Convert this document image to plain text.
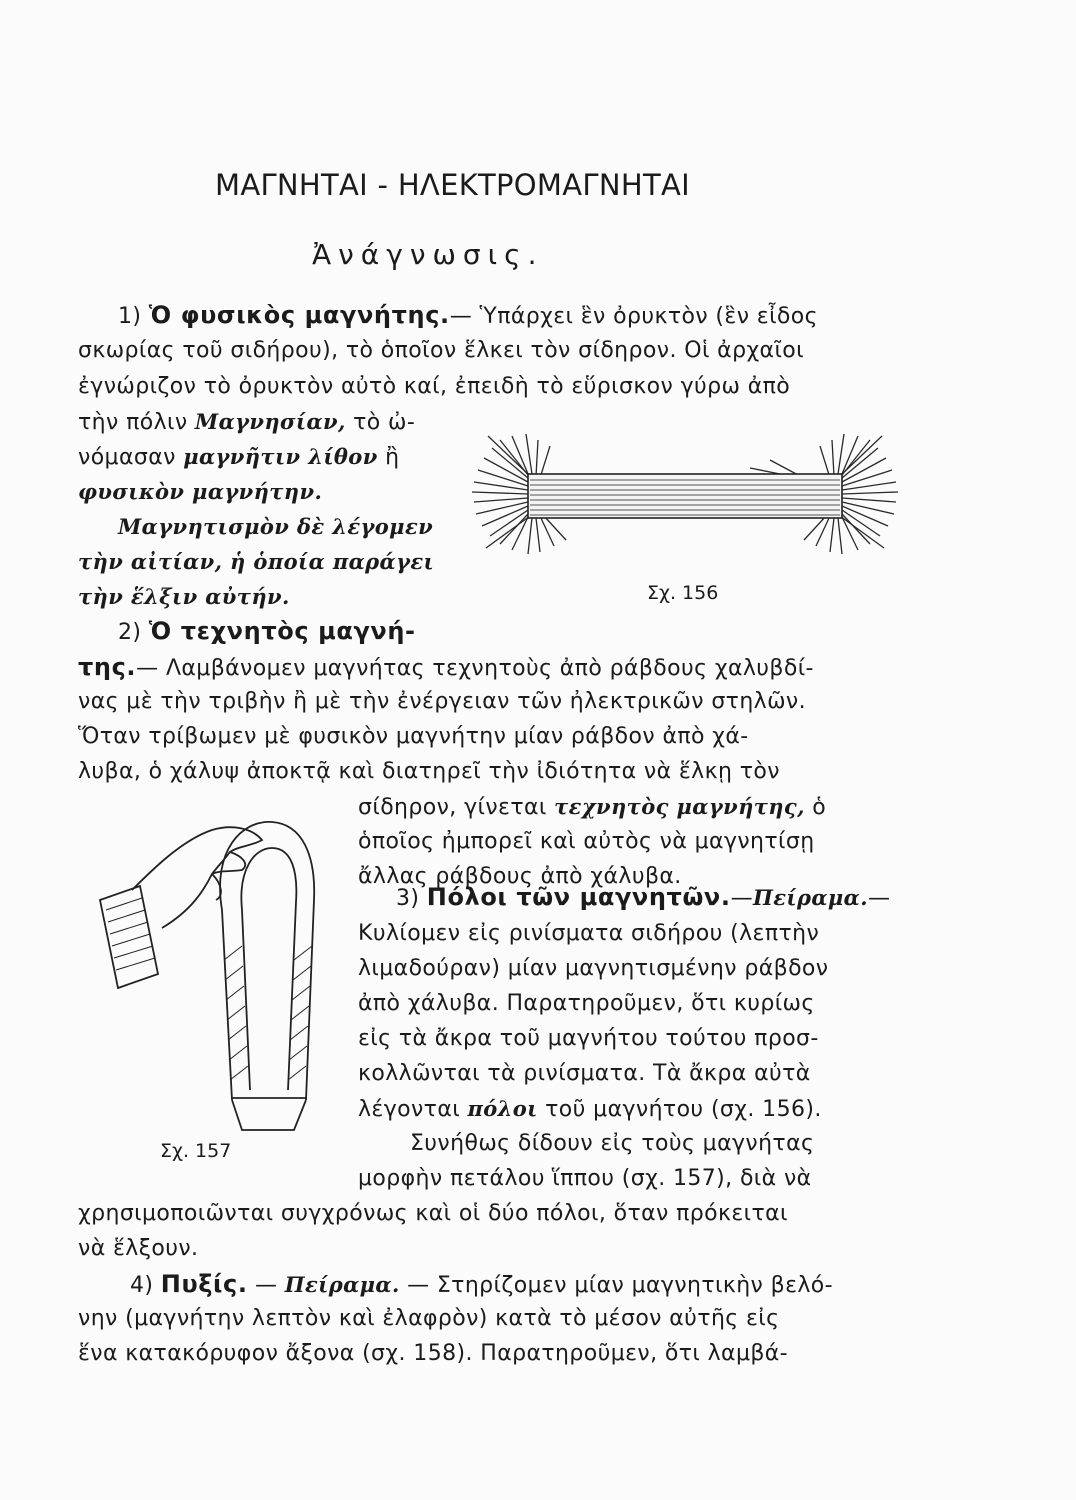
ΜΑΓΝΗΤΑΙ - ΗΛΕΚΤΡΟΜΑΓΝΗΤΑΙ
Ἀνάγνωσις.
1) Ὁ φυσικὸς μαγνήτης.— Ὑπάρχει ἓν ὀρυκτὸν (ἓν εἶδος
σκωρίας τοῦ σιδήρου), τὸ ὁποῖον ἕλκει τὸν σίδηρον. Οἱ ἀρχαῖοι
ἐγνώριζον τὸ ὀρυκτὸν αὐτὸ καί, ἐπειδὴ τὸ εὕρισκον γύρω ἀπὸ
τὴν πόλιν Μαγνησίαν, τὸ ὠ-
νόμασαν μαγνῆτιν λίθον ἢ
φυσικὸν μαγνήτην.
Μαγνητισμὸν δὲ λέγομεν
τὴν αἰτίαν, ἡ ὁποία παράγει
τὴν ἕλξιν αὐτήν.	Σχ. 156
2) Ὁ τεχνητὸς μαγνή-
της.— Λαμβάνομεν μαγνήτας τεχνητοὺς ἀπὸ ράβδους χαλυβδί-
νας μὲ τὴν τριβὴν ἢ μὲ τὴν ἐνέργειαν τῶν ἠλεκτρικῶν στηλῶν.
Ὅταν τρίβωμεν μὲ φυσικὸν μαγνήτην μίαν ράβδον ἀπὸ χά-
λυβα, ὁ χάλυψ ἀποκτᾷ καὶ διατηρεῖ τὴν ἰδιότητα νὰ ἕλκῃ τὸν
σίδηρον, γίνεται τεχνητὸς μαγνήτης, ὁ
ὁποῖος ἠμπορεῖ καὶ αὐτὸς νὰ μαγνητίσῃ
ἄλλας ράβδους ἀπὸ χάλυβα.
3) Πόλοι τῶν μαγνητῶν.—Πείραμα.—
Κυλίομεν εἰς ρινίσματα σιδήρου (λεπτὴν
λιμαδούραν) μίαν μαγνητισμένην ράβδον
ἀπὸ χάλυβα. Παρατηροῦμεν, ὅτι κυρίως
εἰς τὰ ἄκρα τοῦ μαγνήτου τούτου προσ-
κολλῶνται τὰ ρινίσματα. Τὰ ἄκρα αὐτὰ
λέγονται πόλοι τοῦ μαγνήτου (σχ. 156).
Σχ. 157	Συνήθως δίδουν εἰς τοὺς μαγνήτας
μορφὴν πετάλου ἵππου (σχ. 157), διὰ νὰ
χρησιμοποιῶνται συγχρόνως καὶ οἱ δύο πόλοι, ὅταν πρόκειται
νὰ ἕλξουν.
4) Πυξίς. — Πείραμα. — Στηρίζομεν μίαν μαγνητικὴν βελό-
νην (μαγνήτην λεπτὸν καὶ ἐλαφρὸν) κατὰ τὸ μέσον αὐτῆς εἰς
ἕνα κατακόρυφον ἄξονα (σχ. 158). Παρατηροῦμεν, ὅτι λαμβά-
